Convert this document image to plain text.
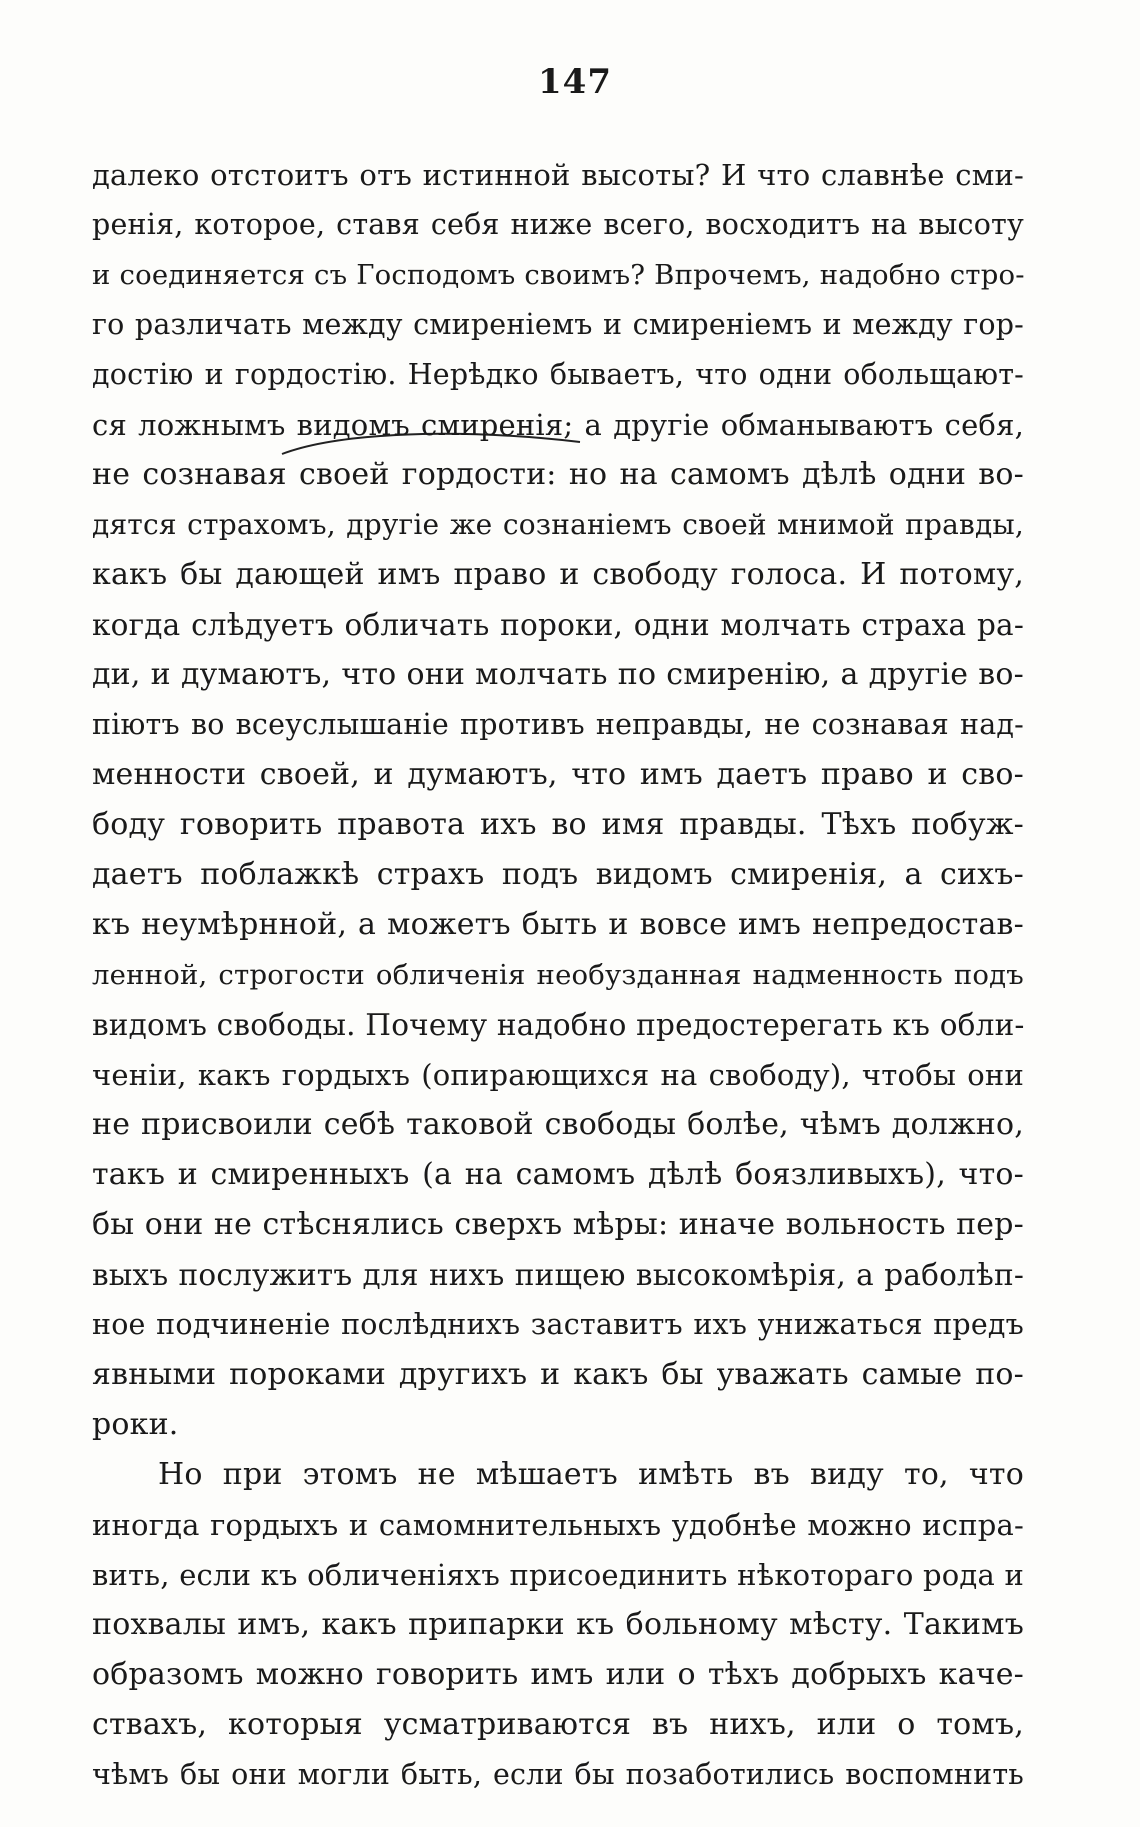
147
далеко отстоитъ отъ истинной высоты? И что славнѣе сми-
ренія, которое, ставя себя ниже всего, восходитъ на высоту
и соединяется съ Господомъ своимъ? Впрочемъ, надобно стро-
го различать между смиреніемъ и смиреніемъ и между гор-
достію и гордостію. Нерѣдко бываетъ, что одни обольщают-
ся ложнымъ видомъ смиренія; а другіе обманываютъ себя,
не сознавая своей гордости: но на самомъ дѣлѣ одни во-
дятся страхомъ, другіе же сознаніемъ своей мнимой правды,
какъ бы дающей имъ право и свободу голоса. И потому,
когда слѣдуетъ обличать пороки, одни молчать страха ра-
ди, и думаютъ, что они молчать по смиренію, а другіе во-
піютъ во всеуслышаніе противъ неправды, не сознавая над-
менности своей, и думаютъ, что имъ даетъ право и сво-
боду говорить правота ихъ во имя правды. Тѣхъ побуж-
даетъ поблажкѣ страхъ подъ видомъ смиренія, а сихъ-
къ неумѣрнной, а можетъ быть и вовсе имъ непредостав-
ленной, строгости обличенія необузданная надменность подъ
видомъ свободы. Почему надобно предостерегать къ обли-
ченіи, какъ гордыхъ (опирающихся на свободу), чтобы они
не присвоили себѣ таковой свободы болѣе, чѣмъ должно,
такъ и смиренныхъ (а на самомъ дѣлѣ боязливыхъ), что-
бы они не стѣснялись сверхъ мѣры: иначе вольность пер-
выхъ послужитъ для нихъ пищею высокомѣрія, а раболѣп-
ное подчиненіе послѣднихъ заставитъ ихъ унижаться предъ
явными пороками другихъ и какъ бы уважать самые по-
роки.
Но при этомъ не мѣшаетъ имѣть въ виду то, что
иногда гордыхъ и самомнительныхъ удобнѣе можно испра-
вить, если къ обличеніяхъ присоединить нѣкотораго рода и
похвалы имъ, какъ припарки къ больному мѣсту. Такимъ
образомъ можно говорить имъ или о тѣхъ добрыхъ каче-
ствахъ, которыя усматриваются въ нихъ, или о томъ,
чѣмъ бы они могли быть, если бы позаботились воспомнить
